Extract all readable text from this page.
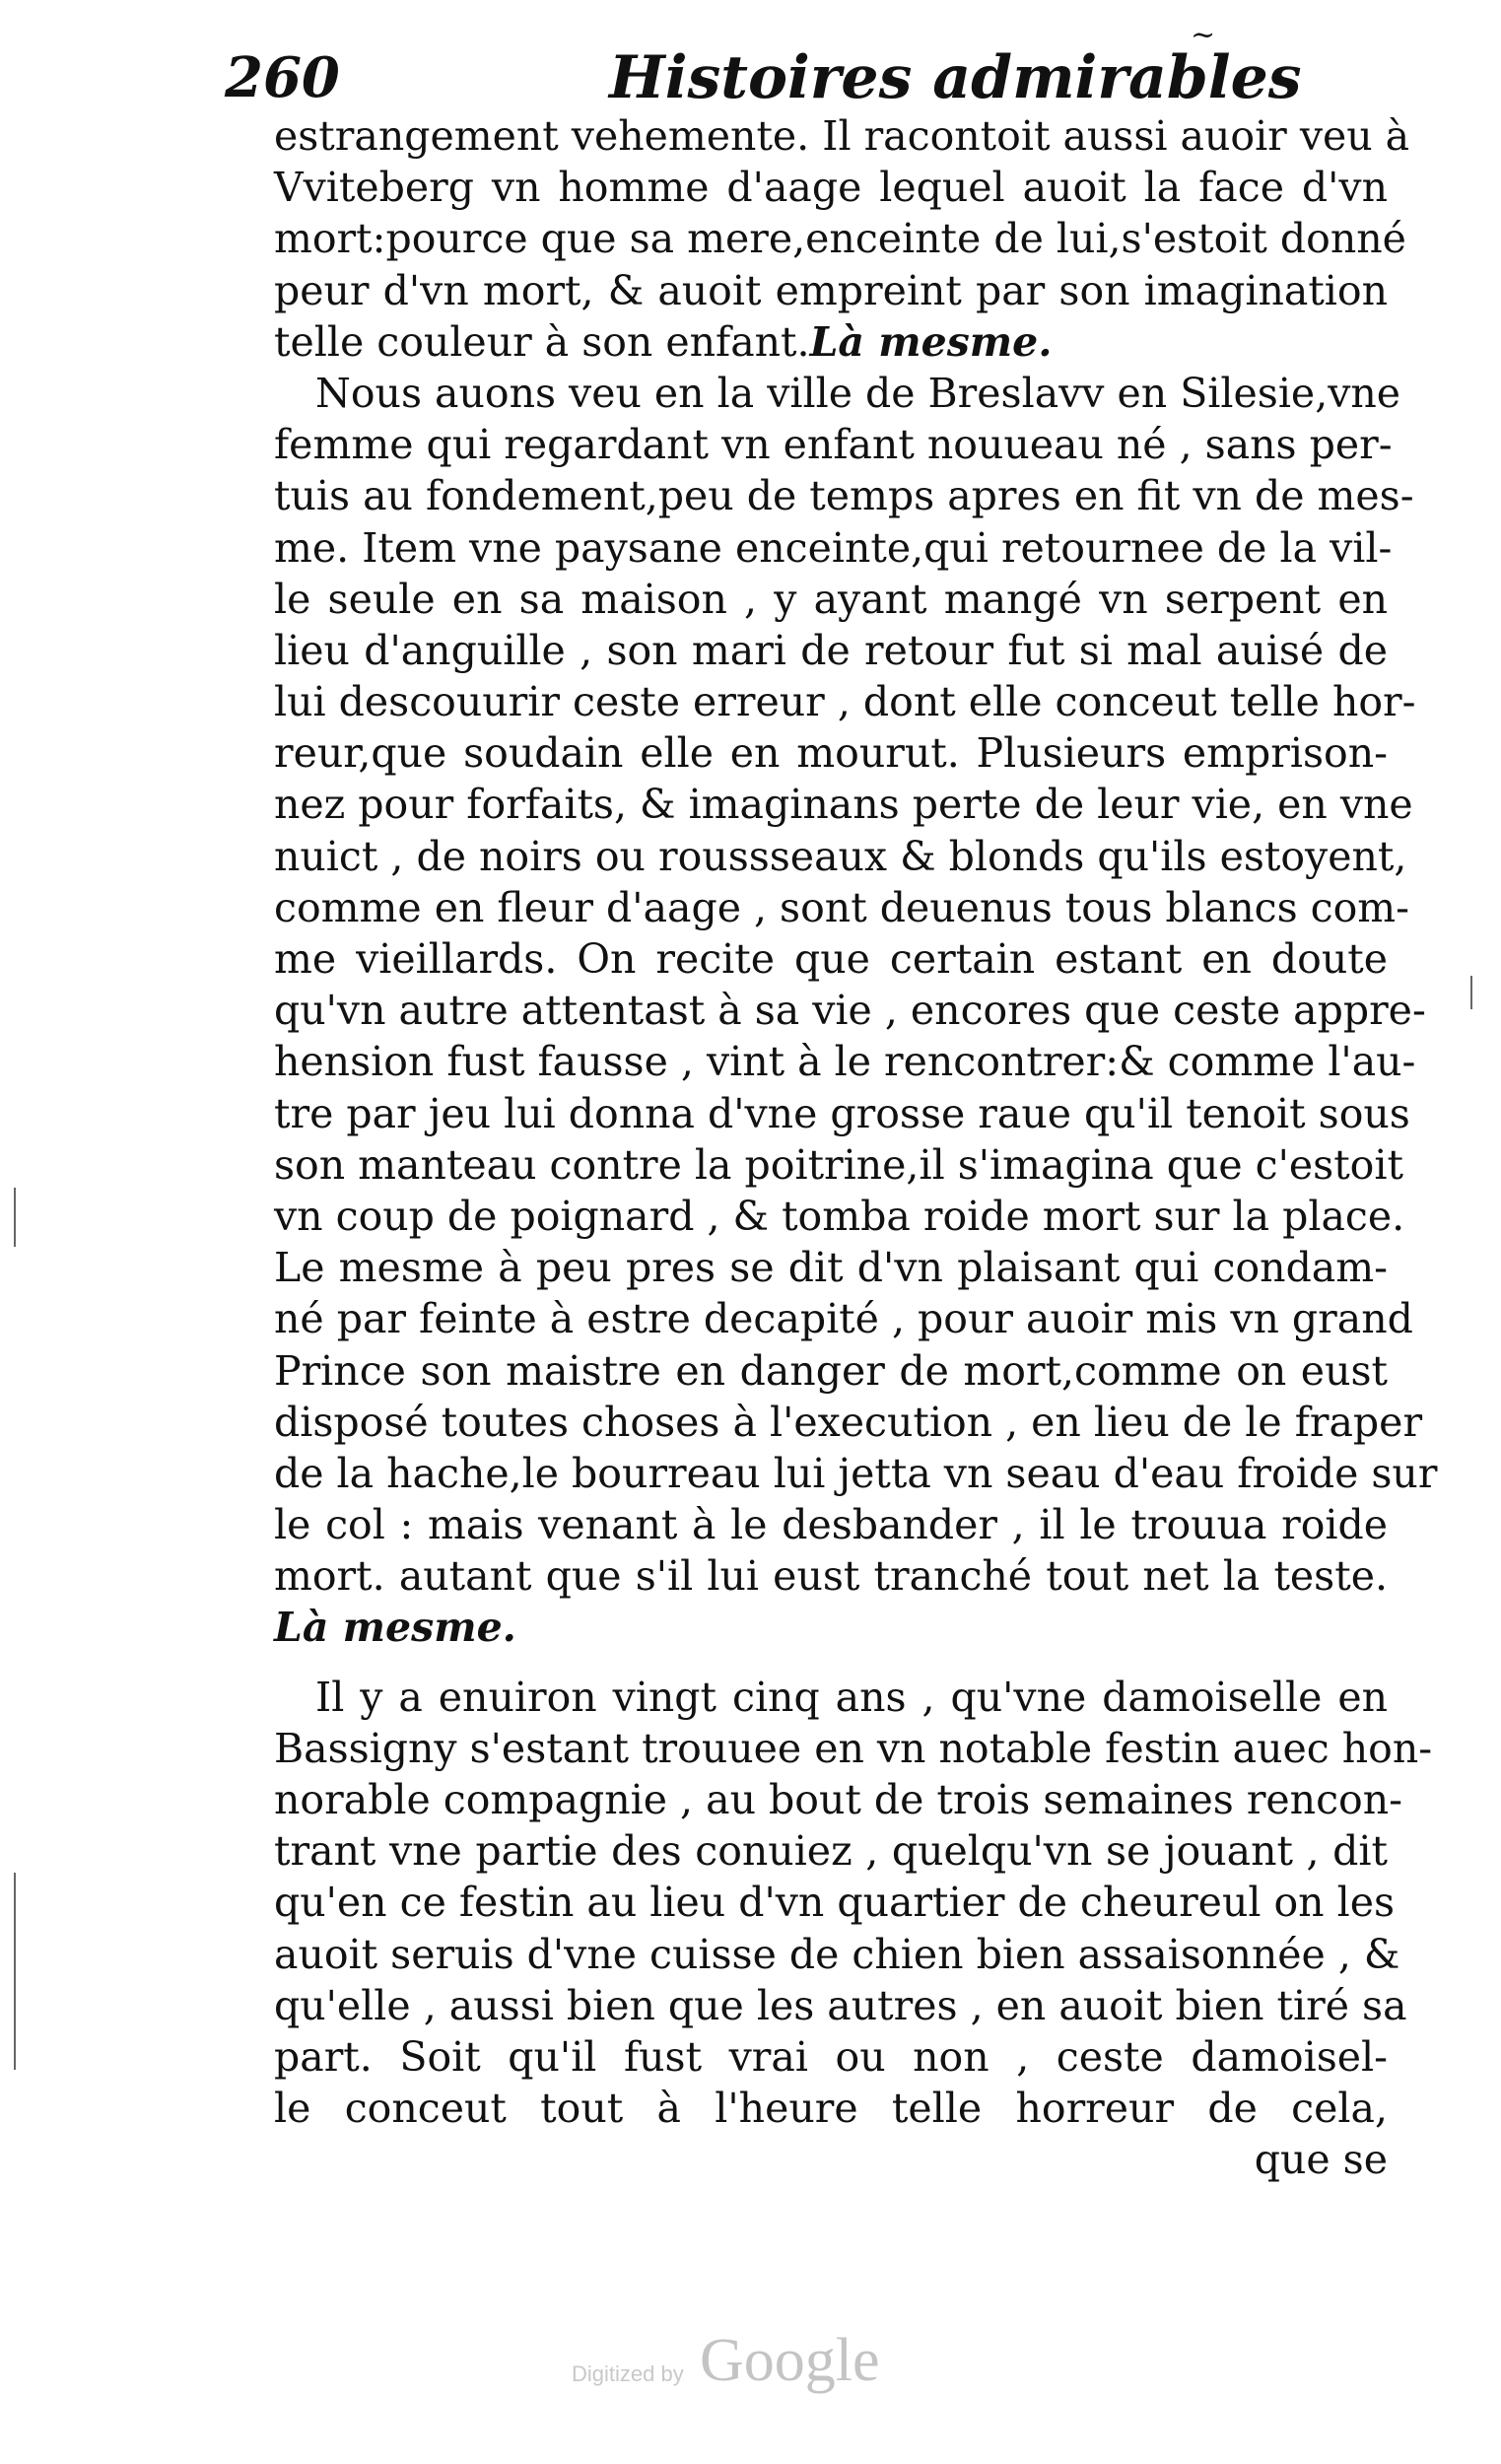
260	Histoires admirables
~
estrangement vehemente. Il racontoit aussi auoir veu à
Vviteberg vn homme d'aage lequel auoit la face d'vn
mort:pource que sa mere,enceinte de lui,s'estoit donné
peur d'vn mort, & auoit empreint par son imagination
telle couleur à son enfant.Là mesme.
Nous auons veu en la ville de Breslavv en Silesie,vne
femme qui regardant vn enfant nouueau né , sans per-
tuis au fondement,peu de temps apres en fit vn de mes-
me. Item vne paysane enceinte,qui retournee de la vil-
le seule en sa maison , y ayant mangé vn serpent en
lieu d'anguille , son mari de retour fut si mal auisé de
lui descouurir ceste erreur , dont elle conceut telle hor-
reur,que soudain elle en mourut. Plusieurs emprison-
nez pour forfaits, & imaginans perte de leur vie, en vne
nuict , de noirs ou roussseaux & blonds qu'ils estoyent,
comme en fleur d'aage , sont deuenus tous blancs com-
me vieillards. On recite que certain estant en doute
qu'vn autre attentast à sa vie , encores que ceste appre-
hension fust fausse , vint à le rencontrer:& comme l'au-
tre par jeu lui donna d'vne grosse raue qu'il tenoit sous
son manteau contre la poitrine,il s'imagina que c'estoit
vn coup de poignard , & tomba roide mort sur la place.
Le mesme à peu pres se dit d'vn plaisant qui condam-
né par feinte à estre decapité , pour auoir mis vn grand
Prince son maistre en danger de mort,comme on eust
disposé toutes choses à l'execution , en lieu de le fraper
de la hache,le bourreau lui jetta vn seau d'eau froide sur
le col : mais venant à le desbander , il le trouua roide
mort. autant que s'il lui eust tranché tout net la teste.
Là mesme.
Il y a enuiron vingt cinq ans , qu'vne damoiselle en
Bassigny s'estant trouuee en vn notable festin auec hon-
norable compagnie , au bout de trois semaines rencon-
trant vne partie des conuiez , quelqu'vn se jouant , dit
qu'en ce festin au lieu d'vn quartier de cheureul on les
auoit seruis d'vne cuisse de chien bien assaisonnée , &
qu'elle , aussi bien que les autres , en auoit bien tiré sa
part. Soit qu'il fust vrai ou non , ceste damoisel-
le conceut tout à l'heure telle horreur de cela,
que se
Digitized by Google
